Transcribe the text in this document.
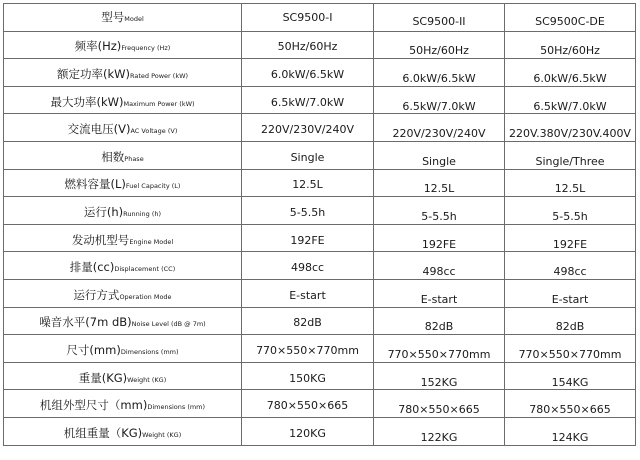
型号Model	SC9500-I	SC9500-II	SC9500C-DE
频率(Hz)Frequency (Hz)	50Hz/60Hz	$_{50Hz/60Hz}$	$_{50Hz/60Hz}$
额定功率(kW)Rated Power (kW)	6.0kW/6.5kW	$_{6.0kW/6.5kW}$	$_{6.0kW/6.5kW}$
最大功率(kW)Maximum Power (kW)	6.5kW/7.0kW	$_{6.5kW/7.0kW}$	$_{6.5kW/7.0kW}$
交流电压(V)AC Voltage (V)	220V/230V/240V	$_{220V/230V/240V}$	$_{220V.380V/230V.400V}$
相数Phase	Single	$_{Single}$	$_{Single/Three}$
燃料容量(L)Fuel Capacity (L)	12.5L	$_{12.5L}$	$_{12.5L}$
运行(h)Running (h)	5-5.5h	$_{5-5.5h}$	$_{5-5.5h}$
发动机型号Engine Model	192FE	$_{192FE}$	$_{192FE}$
排量(cc)Displacement (CC)	498cc	$_{498cc}$	$_{498cc}$
运行方式Operation Mode	E-start	$_{E-start}$	$_{E-start}$
噪音水平(7m dB)Noise Level (dB @ 7m)	82dB	$_{82dB}$	$_{82dB}$
尺寸(mm)Dimensions (mm)	770×550×770mm	$_{770\times 550\times 770mm}$	$_{770\times 550\times 770mm}$
重量(KG)Weight (KG)	150KG	$_{152KG}$	$_{154KG}$
机组外型尺寸（mm)Dimensions (mm)	780×550×665	$_{780\times 550\times 665}$	$_{780\times 550\times 665}$
机组重量（KG)Weight (KG)	120KG	$_{122KG}$	$_{124KG}$
